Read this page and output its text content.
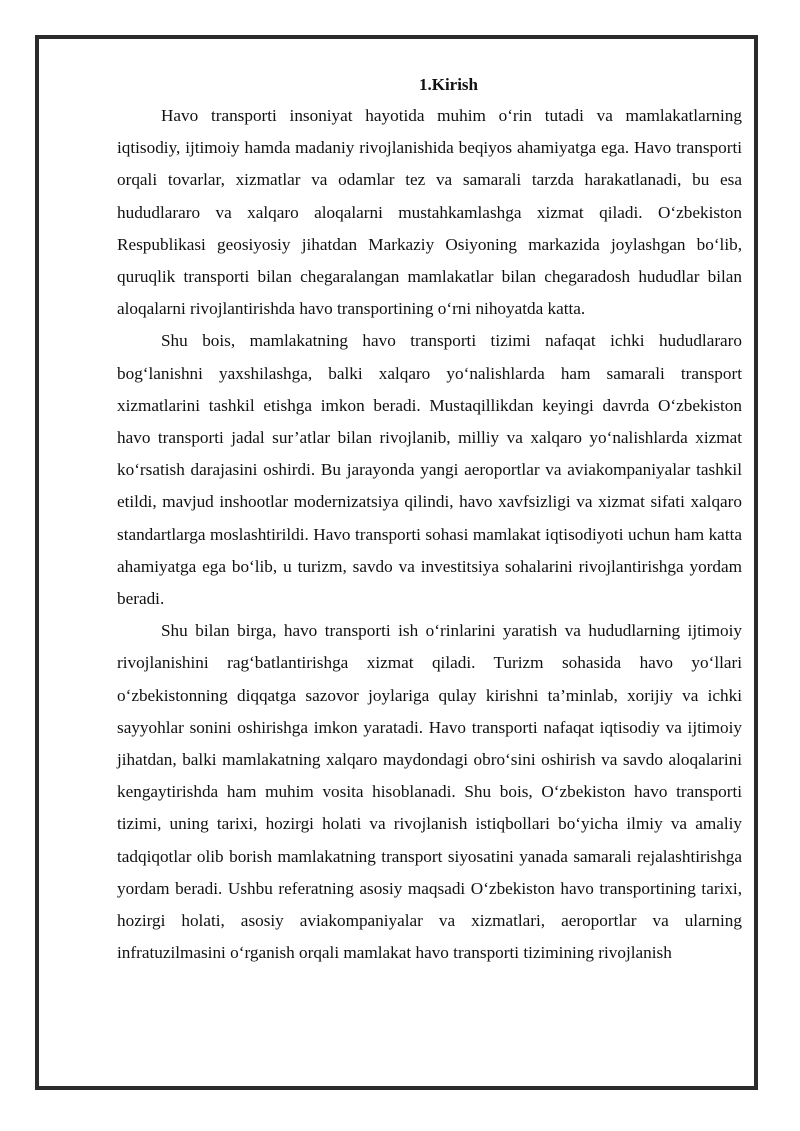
1.Kirish

Havo transporti insoniyat hayotida muhim o‘rin tutadi va mamlakatlarning iqtisodiy, ijtimoiy hamda madaniy rivojlanishida beqiyos ahamiyatga ega. Havo transporti orqali tovarlar, xizmatlar va odamlar tez va samarali tarzda harakatlanadi, bu esa hududlararo va xalqaro aloqalarni mustahkamlashga xizmat qiladi. O‘zbekiston Respublikasi geosiyosiy jihatdan Markaziy Osiyoning markazida joylashgan bo‘lib, quruqlik transporti bilan chegaralangan mamlakatlar bilan chegaradosh hududlar bilan aloqalarni rivojlantirishda havo transportining o‘rni nihoyatda katta.

Shu bois, mamlakatning havo transporti tizimi nafaqat ichki hududlararo bog‘lanishni yaxshilashga, balki xalqaro yo‘nalishlarda ham samarali transport xizmatlarini tashkil etishga imkon beradi. Mustaqillikdan keyingi davrda O‘zbekiston havo transporti jadal sur’atlar bilan rivojlanib, milliy va xalqaro yo‘nalishlarda xizmat ko‘rsatish darajasini oshirdi. Bu jarayonda yangi aeroportlar va aviakompaniyalar tashkil etildi, mavjud inshootlar modernizatsiya qilindi, havo xavfsizligi va xizmat sifati xalqaro standartlarga moslashtirildi. Havo transporti sohasi mamlakat iqtisodiyoti uchun ham katta ahamiyatga ega bo‘lib, u turizm, savdo va investitsiya sohalarini rivojlantirishga yordam beradi.

Shu bilan birga, havo transporti ish o‘rinlarini yaratish va hududlarning ijtimoiy rivojlanishini rag‘batlantirishga xizmat qiladi. Turizm sohasida havo yo‘llari o‘zbekistonning diqqatga sazovor joylariga qulay kirishni ta’minlab, xorijiy va ichki sayyohlar sonini oshirishga imkon yaratadi. Havo transporti nafaqat iqtisodiy va ijtimoiy jihatdan, balki mamlakatning xalqaro maydondagi obro‘sini oshirish va savdo aloqalarini kengaytirishda ham muhim vosita hisoblanadi. Shu bois, O‘zbekiston havo transporti tizimi, uning tarixi, hozirgi holati va rivojlanish istiqbollari bo‘yicha ilmiy va amaliy tadqiqotlar olib borish mamlakatning transport siyosatini yanada samarali rejalashtirishga yordam beradi. Ushbu referatning asosiy maqsadi O‘zbekiston havo transportining tarixi, hozirgi holati, asosiy aviakompaniyalar va xizmatlari, aeroportlar va ularning infratuzilmasini o‘rganish orqali mamlakat havo transporti tizimining rivojlanish
